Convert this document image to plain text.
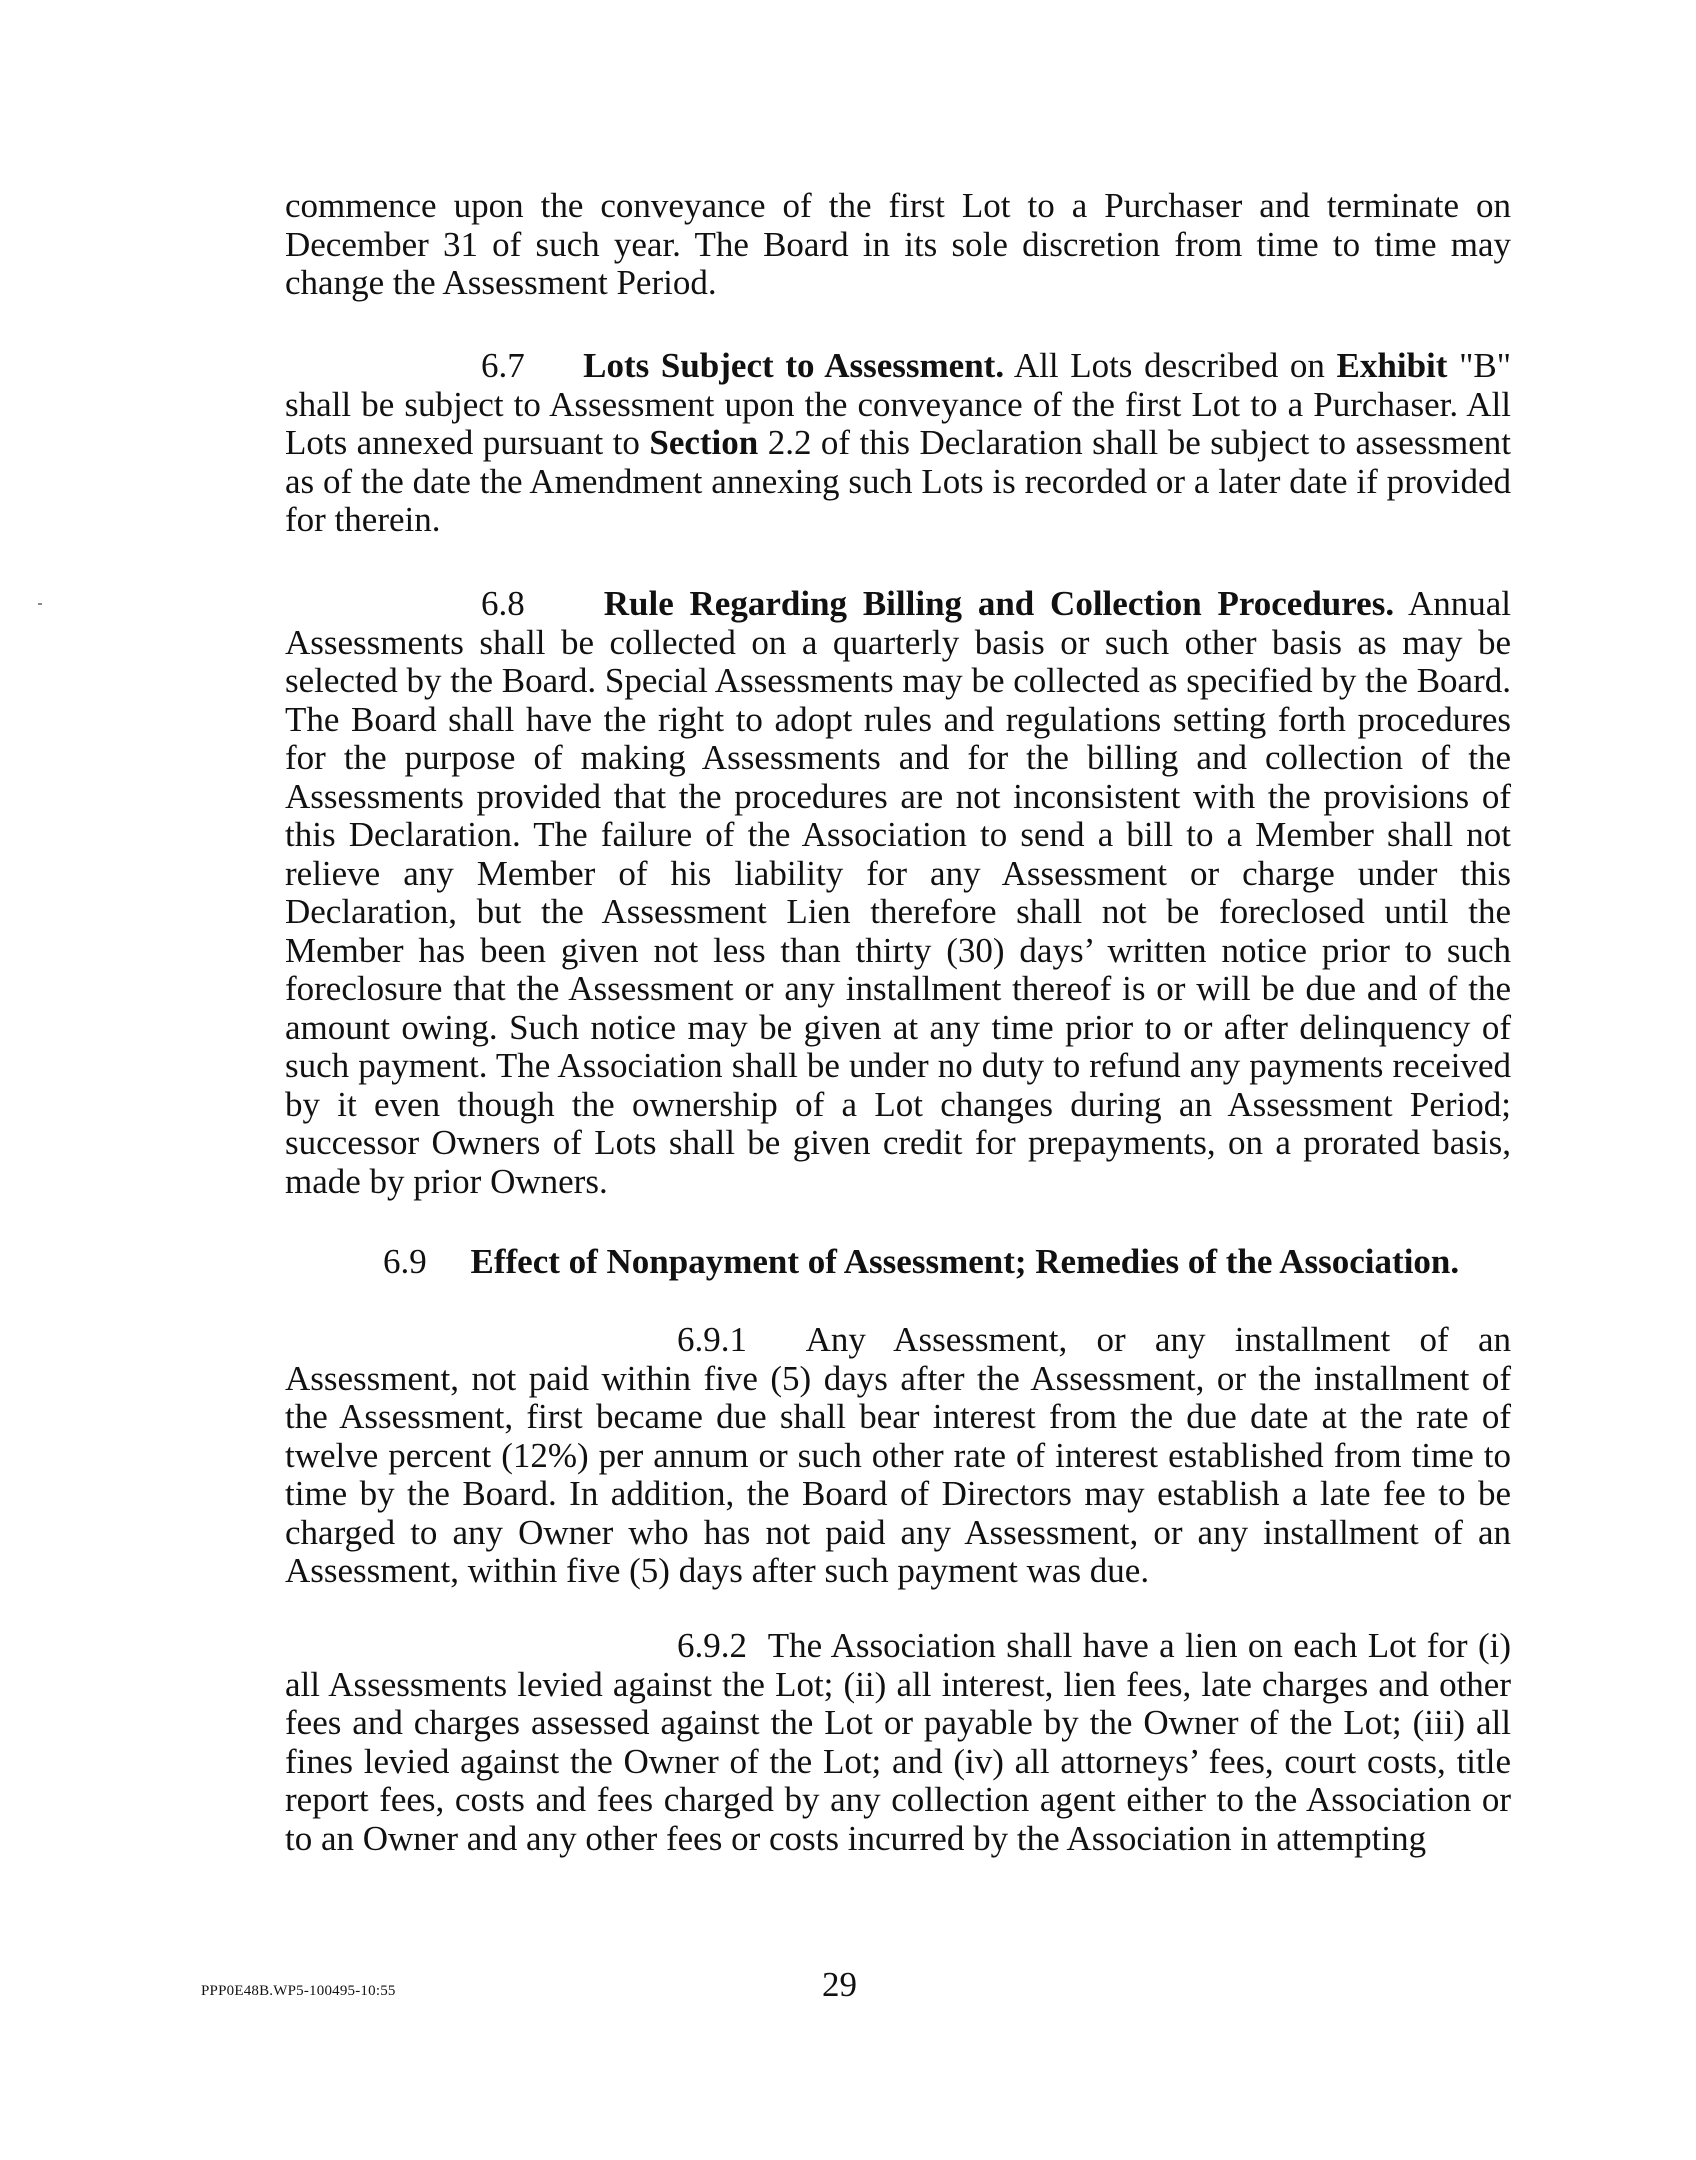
commence upon the conveyance of the first Lot to a Purchaser and terminate on December 31 of such year. The Board in its sole discretion from time to time may change the Assessment Period.

6.7 Lots Subject to Assessment. All Lots described on Exhibit "B" shall be subject to Assessment upon the conveyance of the first Lot to a Purchaser. All Lots annexed pursuant to Section 2.2 of this Declaration shall be subject to assessment as of the date the Amendment annexing such Lots is recorded or a later date if provided for therein.

6.8 Rule Regarding Billing and Collection Procedures. Annual Assessments shall be collected on a quarterly basis or such other basis as may be selected by the Board. Special Assessments may be collected as specified by the Board. The Board shall have the right to adopt rules and regulations setting forth procedures for the purpose of making Assessments and for the billing and collection of the Assessments provided that the procedures are not inconsistent with the provisions of this Declaration. The failure of the Association to send a bill to a Member shall not relieve any Member of his liability for any Assessment or charge under this Declaration, but the Assessment Lien therefore shall not be foreclosed until the Member has been given not less than thirty (30) days’ written notice prior to such foreclosure that the Assessment or any installment thereof is or will be due and of the amount owing. Such notice may be given at any time prior to or after delinquency of such payment. The Association shall be under no duty to refund any payments received by it even though the ownership of a Lot changes during an Assessment Period; successor Owners of Lots shall be given credit for prepayments, on a prorated basis, made by prior Owners.

6.9 Effect of Nonpayment of Assessment; Remedies of the Association.

6.9.1 Any Assessment, or any installment of an Assessment, not paid within five (5) days after the Assessment, or the installment of the Assessment, first became due shall bear interest from the due date at the rate of twelve percent (12%) per annum or such other rate of interest established from time to time by the Board. In addition, the Board of Directors may establish a late fee to be charged to any Owner who has not paid any Assessment, or any installment of an Assessment, within five (5) days after such payment was due.

6.9.2 The Association shall have a lien on each Lot for (i) all Assessments levied against the Lot; (ii) all interest, lien fees, late charges and other fees and charges assessed against the Lot or payable by the Owner of the Lot; (iii) all fines levied against the Owner of the Lot; and (iv) all attorneys’ fees, court costs, title report fees, costs and fees charged by any collection agent either to the Association or to an Owner and any other fees or costs incurred by the Association in attempting

PPP0E48B.WP5-100495-10:55	29
